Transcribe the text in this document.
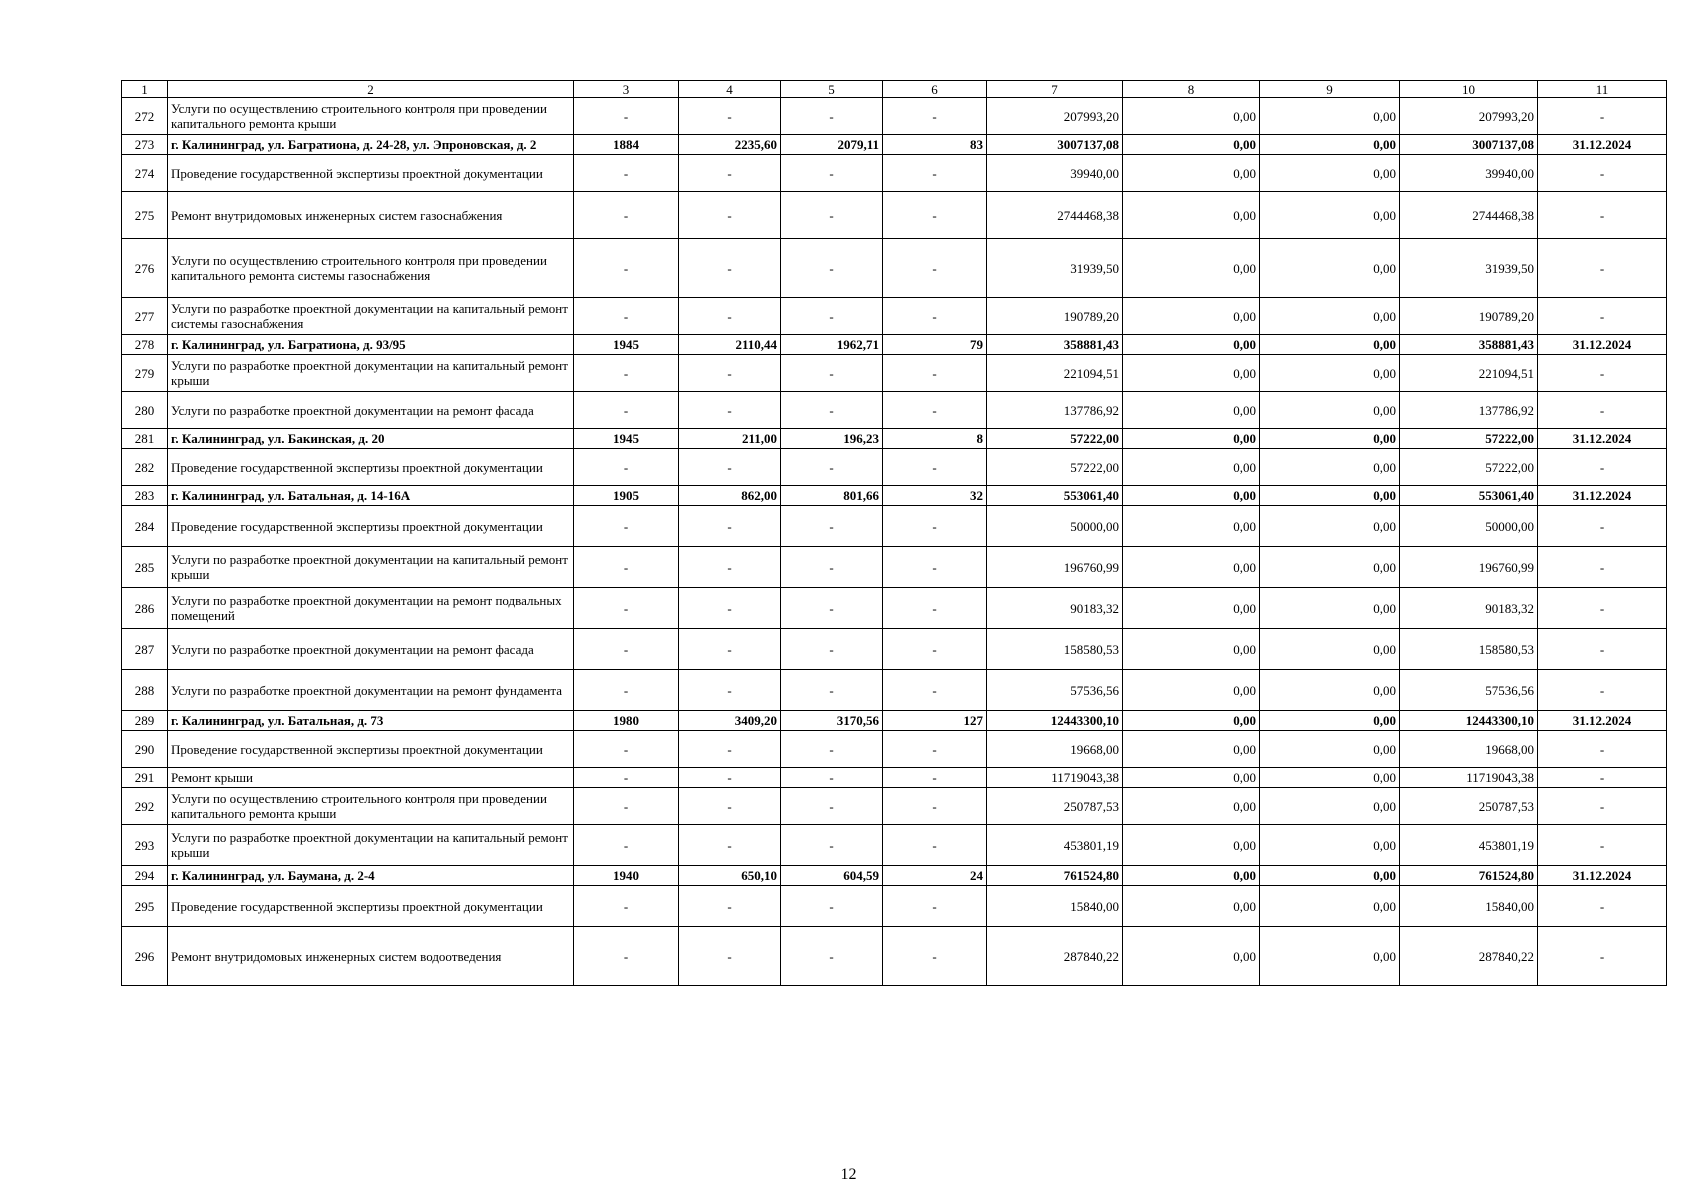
1	2	3	4	5	6	7	8	9	10	11
272	Услуги по осуществлению строительного контроля при проведении капитального ремонта крыши	-	-	-	-	207993,20	0,00	0,00	207993,20	-
273	г. Калининград, ул. Багратиона, д. 24-28, ул. Эпроновская, д. 2	1884	2235,60	2079,11	83	3007137,08	0,00	0,00	3007137,08	31.12.2024
274	Проведение государственной экспертизы проектной документации	-	-	-	-	39940,00	0,00	0,00	39940,00	-
275	Ремонт внутридомовых инженерных систем газоснабжения	-	-	-	-	2744468,38	0,00	0,00	2744468,38	-
276	Услуги по осуществлению строительного контроля при проведении капитального ремонта системы газоснабжения	-	-	-	-	31939,50	0,00	0,00	31939,50	-
277	Услуги по разработке проектной документации на капитальный ремонт системы газоснабжения	-	-	-	-	190789,20	0,00	0,00	190789,20	-
278	г. Калининград, ул. Багратиона, д. 93/95	1945	2110,44	1962,71	79	358881,43	0,00	0,00	358881,43	31.12.2024
279	Услуги по разработке проектной документации на капитальный ремонт крыши	-	-	-	-	221094,51	0,00	0,00	221094,51	-
280	Услуги по разработке проектной документации на ремонт фасада	-	-	-	-	137786,92	0,00	0,00	137786,92	-
281	г. Калининград, ул. Бакинская, д. 20	1945	211,00	196,23	8	57222,00	0,00	0,00	57222,00	31.12.2024
282	Проведение государственной экспертизы проектной документации	-	-	-	-	57222,00	0,00	0,00	57222,00	-
283	г. Калининград, ул. Батальная, д. 14-16А	1905	862,00	801,66	32	553061,40	0,00	0,00	553061,40	31.12.2024
284	Проведение государственной экспертизы проектной документации	-	-	-	-	50000,00	0,00	0,00	50000,00	-
285	Услуги по разработке проектной документации на капитальный ремонт крыши	-	-	-	-	196760,99	0,00	0,00	196760,99	-
286	Услуги по разработке проектной документации на ремонт подвальных помещений	-	-	-	-	90183,32	0,00	0,00	90183,32	-
287	Услуги по разработке проектной документации на ремонт фасада	-	-	-	-	158580,53	0,00	0,00	158580,53	-
288	Услуги по разработке проектной документации на ремонт фундамента	-	-	-	-	57536,56	0,00	0,00	57536,56	-
289	г. Калининград, ул. Батальная, д. 73	1980	3409,20	3170,56	127	12443300,10	0,00	0,00	12443300,10	31.12.2024
290	Проведение государственной экспертизы проектной документации	-	-	-	-	19668,00	0,00	0,00	19668,00	-
291	Ремонт крыши	-	-	-	-	11719043,38	0,00	0,00	11719043,38	-
292	Услуги по осуществлению строительного контроля при проведении капитального ремонта крыши	-	-	-	-	250787,53	0,00	0,00	250787,53	-
293	Услуги по разработке проектной документации на капитальный ремонт крыши	-	-	-	-	453801,19	0,00	0,00	453801,19	-
294	г. Калининград, ул. Баумана, д. 2-4	1940	650,10	604,59	24	761524,80	0,00	0,00	761524,80	31.12.2024
295	Проведение государственной экспертизы проектной документации	-	-	-	-	15840,00	0,00	0,00	15840,00	-
296	Ремонт внутридомовых инженерных систем водоотведения	-	-	-	-	287840,22	0,00	0,00	287840,22	-
12
